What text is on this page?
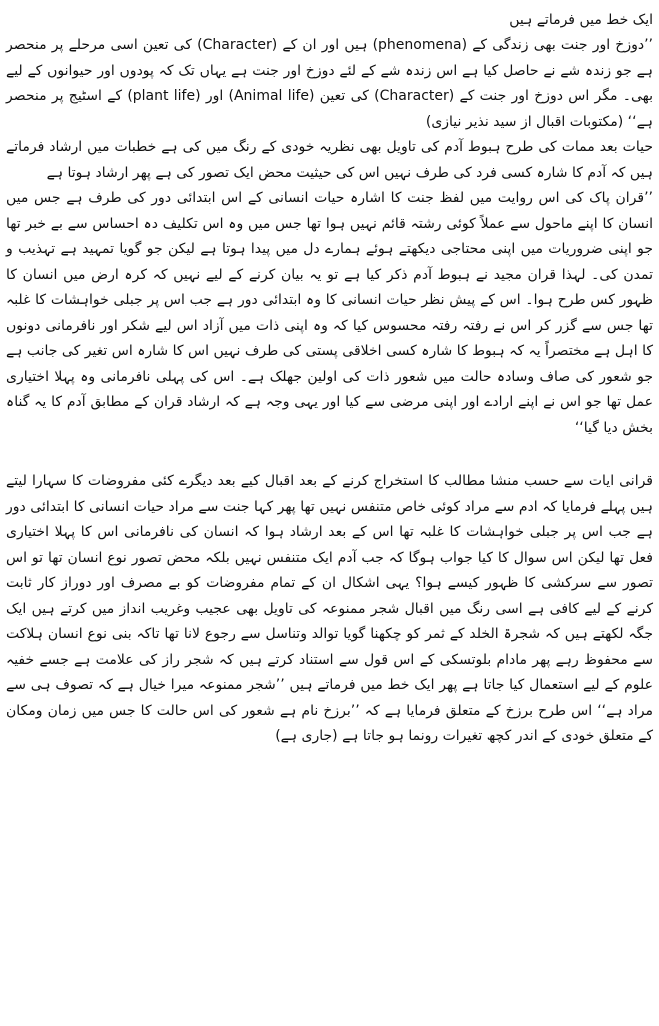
ایک خط میں فرماتے ہیں

’’دوزخ اور جنت بھی زندگی کے (phenomena) ہیں اور ان کے (Character) کی تعین اسی مرحلے پر منحصر ہے جو زندہ شے نے حاصل کیا ہے اس زندہ شے کے لئے دوزخ اور جنت ہے یہاں تک کہ پودوں اور حیوانوں کے لیے بھی۔ مگر اس دوزخ اور جنت کے (Character) کی تعین (Animal life) اور (plant life) کے اسٹیج پر منحصر ہے‘‘ (مکتوبات اقبال از سید نذیر نیازی)

حیات بعد ممات کی طرح ہبوط آدم کی تاویل بھی نظریہ خودی کے رنگ میں کی ہے خطبات میں ارشاد فرماتے ہیں کہ آدم کا شارہ کسی فرد کی طرف نہیں اس کی حیثیت محض ایک تصور کی ہے پھر ارشاد ہوتا ہے

’’قران پاک کی اس روایت میں لفظ جنت کا اشارہ حیات انسانی کے اس ابتدائی دور کی طرف ہے جس میں انسان کا اپنے ماحول سے عملاً کوئی رشتہ قائم نہیں ہوا تھا جس میں وہ اس تکلیف دہ احساس سے بے خبر تھا جو اپنی ضروریات میں اپنی محتاجی دیکھتے ہوئے ہمارے دل میں پیدا ہوتا ہے لیکن جو گویا تمہید ہے تہذیب و تمدن کی۔ لہذا قران مجید نے ہبوط آدم ذکر کیا ہے تو یہ بیان کرنے کے لیے نہیں کہ کرہ ارض میں انسان کا ظہور کس طرح ہوا۔ اس کے پیش نظر حیات انسانی کا وہ ابتدائی دور ہے جب اس پر جبلی خواہشات کا غلبہ تھا جس سے گزر کر اس نے رفتہ رفتہ محسوس کیا کہ وہ اپنی ذات میں آزاد اس لیے شکر اور نافرمانی دونوں کا اہل ہے مختصراً یہ کہ ہبوط کا شارہ کسی اخلاقی پستی کی طرف نہیں اس کا شارہ اس تغیر کی جانب ہے جو شعور کی صاف وسادہ حالت میں شعور ذات کی اولین جھلک ہے۔ اس کی پہلی نافرمانی وہ پہلا اختیاری عمل تھا جو اس نے اپنے ارادے اور اپنی مرضی سے کیا اور یہی وجہ ہے کہ ارشاد قران کے مطابق آدم کا یہ گناہ بخش دیا گیا‘‘

قرانی ایات سے حسب منشا مطالب کا استخراج کرنے کے بعد اقبال کیے بعد دیگرے کئی مفروضات کا سہارا لیتے ہیں پہلے فرمایا کہ ادم سے مراد کوئی خاص متنفس نہیں تھا پھر کہا جنت سے مراد حیات انسانی کا ابتدائی دور ہے جب اس پر جبلی خواہشات کا غلبہ تھا اس کے بعد ارشاد ہوا کہ انسان کی نافرمانی اس کا پہلا اختیاری فعل تھا لیکن اس سوال کا کیا جواب ہوگا کہ جب آدم ایک متنفس نہیں بلکہ محض تصور نوع انسان تھا تو اس تصور سے سرکشی کا ظہور کیسے ہوا؟ یہی اشکال ان کے تمام مفروضات کو بے مصرف اور دوراز کار ثابت کرنے کے لیے کافی ہے اسی رنگ میں اقبال شجر ممنوعہ کی تاویل بھی عجیب وغریب انداز میں کرتے ہیں ایک جگہ لکھتے ہیں کہ شجرۃ الخلد کے ثمر کو چکھنا گویا توالد وتناسل سے رجوع لانا تھا تاکہ بنی نوع انسان ہلاکت سے محفوظ رہے پھر مادام بلوتسکی کے اس قول سے استناد کرتے ہیں کہ شجر راز کی علامت ہے جسے خفیہ علوم کے لیے استعمال کیا جاتا ہے پھر ایک خط میں فرماتے ہیں ’’شجر ممنوعہ میرا خیال ہے کہ تصوف ہی سے مراد ہے‘‘ اس طرح برزخ کے متعلق فرمایا ہے کہ ’’برزخ نام ہے شعور کی اس حالت کا جس میں زمان ومکان کے متعلق خودی کے اندر کچھ تغیرات رونما ہو جاتا ہے (جاری ہے)
